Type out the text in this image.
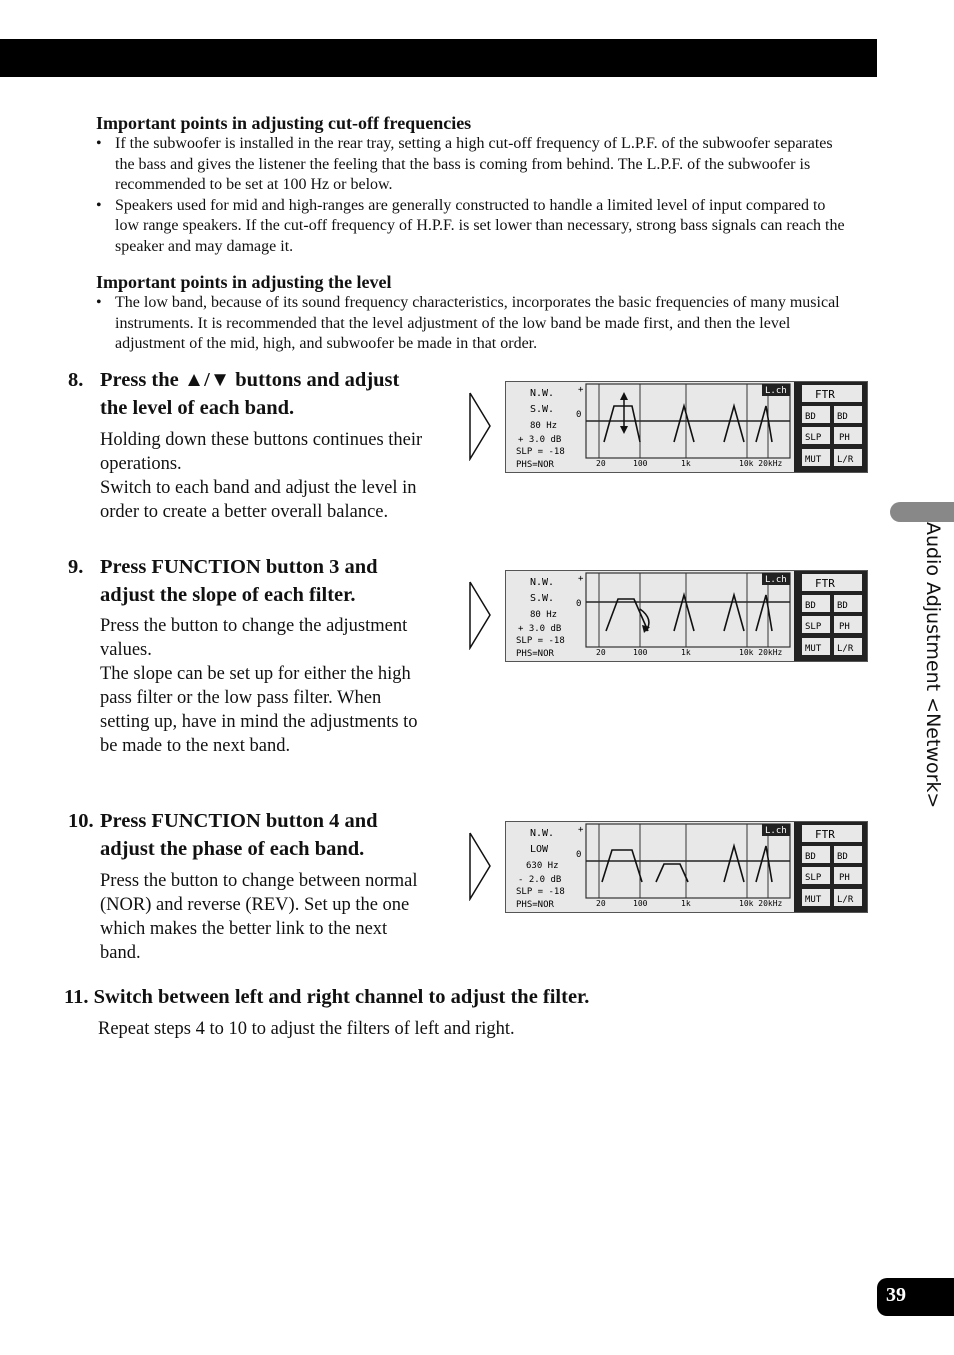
Important points in adjusting cut-off frequencies
• If the subwoofer is installed in the rear tray, setting a high cut-off frequency of L.P.F. of the subwoofer separates the bass and gives the listener the feeling that the bass is coming from behind. The L.P.F. of the subwoofer is recommended to be set at 100 Hz or below.
• Speakers used for mid and high-ranges are generally constructed to handle a limited level of input compared to low range speakers. If the cut-off frequency of H.P.F. is set lower than necessary, strong bass signals can reach the speaker and may damage it.
Important points in adjusting the level
• The low band, because of its sound frequency characteristics, incorporates the basic frequencies of many musical instruments. It is recommended that the level adjustment of the low band be made first, and then the level adjustment of the mid, high, and subwoofer be made in that order.
8. Press the ▲/▼ buttons and adjust the level of each band.

Holding down these buttons continues their operations.

Switch to each band and adjust the level in order to create a better overall balance.

9. Press FUNCTION button 3 and adjust the slope of each filter.

Press the button to change the adjustment values.

The slope can be set up for either the high pass filter or the low pass filter. When setting up, have in mind the adjustments to be made to the next band.

10. Press FUNCTION button 4 and adjust the phase of each band.

Press the button to change between normal (NOR) and reverse (REV). Set up the one which makes the better link to the next band.

11. Switch between left and right channel to adjust the filter.
Repeat steps 4 to 10 to adjust the filters of left and right.
N.W.
S.W.
80 Hz
+ 3.0 dB
SLP = -18
PHS=NOR
+
0
20	100	1k	10k 20kHz
L.ch	FTR
BD BD
SLP PH
MUT L/R
N.W.
S.W.
80 Hz
+ 3.0 dB
SLP = -18
PHS=NOR
+
0
20	100	1k	10k 20kHz
L.ch	FTR
BD BD
SLP PH
MUT L/R
N.W.
LOW
630 Hz
- 2.0 dB
SLP = -18
PHS=NOR
+
0
20	100	1k	10k 20kHz
L.ch	FTR
BD BD
SLP PH
MUT L/R
Audio Adjustment <Network>
39
